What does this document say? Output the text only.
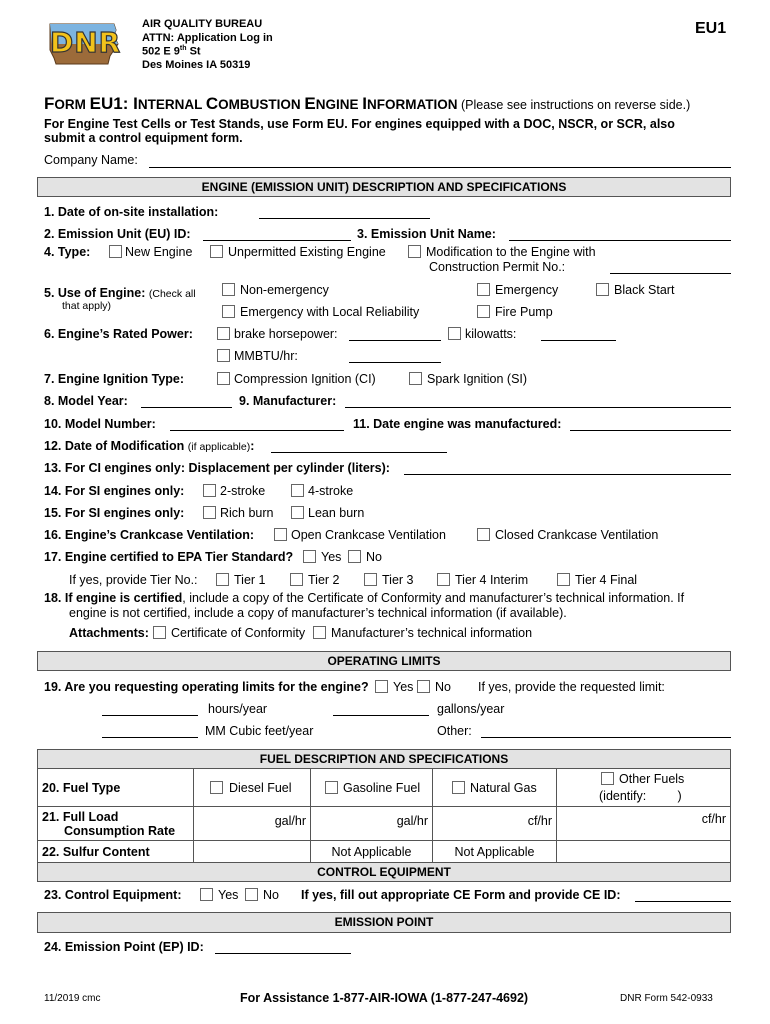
DNR
AIR QUALITY BUREAU
ATTN: Application Log in
502 E 9th St
Des Moines IA 50319
EU1
FORM EU1: INTERNAL COMBUSTION ENGINE INFORMATION (Please see instructions on reverse side.)
For Engine Test Cells or Test Stands, use Form EU. For engines equipped with a DOC, NSCR, or SCR, also
submit a control equipment form.
Company Name:
ENGINE (EMISSION UNIT) DESCRIPTION AND SPECIFICATIONS
1. Date of on-site installation:
2. Emission Unit (EU) ID:	3. Emission Unit Name:
4. Type:	New Engine	Unpermitted Existing Engine	Modification to the Engine with
Construction Permit No.:
5. Use of Engine: (Check all
that apply)
Non-emergency	Emergency	Black Start
Emergency with Local Reliability	Fire Pump
6. Engine’s Rated Power:	brake horsepower:	kilowatts:
MMBTU/hr:
7. Engine Ignition Type:	Compression Ignition (CI)	Spark Ignition (SI)
8. Model Year:	9. Manufacturer:
10. Model Number:	11. Date engine was manufactured:
12. Date of Modification (if applicable):
13. For CI engines only: Displacement per cylinder (liters):
14. For SI engines only:	2-stroke	4-stroke
15. For SI engines only:	Rich burn	Lean burn
16. Engine’s Crankcase Ventilation:	Open Crankcase Ventilation	Closed Crankcase Ventilation
17. Engine certified to EPA Tier Standard? Yes No
If yes, provide Tier No.:	Tier 1	Tier 2	Tier 3	Tier 4 Interim	Tier 4 Final
18. If engine is certified, include a copy of the Certificate of Conformity and manufacturer’s technical information. If
engine is not certified, include a copy of manufacturer’s technical information (if available).
Attachments: Certificate of Conformity Manufacturer’s technical information
OPERATING LIMITS
19. Are you requesting operating limits for the engine? Yes No If yes, provide the requested limit:
hours/year	gallons/year
MM Cubic feet/year	Other:
FUEL DESCRIPTION AND SPECIFICATIONS
20. Fuel Type	Diesel Fuel	Gasoline Fuel	Natural Gas	Other Fuels
(identify: )

21. Full Load
Consumption Rate	gal/hr	gal/hr	cf/hr	cf/hr
22. Sulfur Content		Not Applicable	Not Applicable	
CONTROL EQUIPMENT
23. Control Equipment:	Yes No If yes, fill out appropriate CE Form and provide CE ID:
EMISSION POINT
24. Emission Point (EP) ID:
11/2019 cmc	For Assistance 1-877-AIR-IOWA (1-877-247-4692)	DNR Form 542-0933
